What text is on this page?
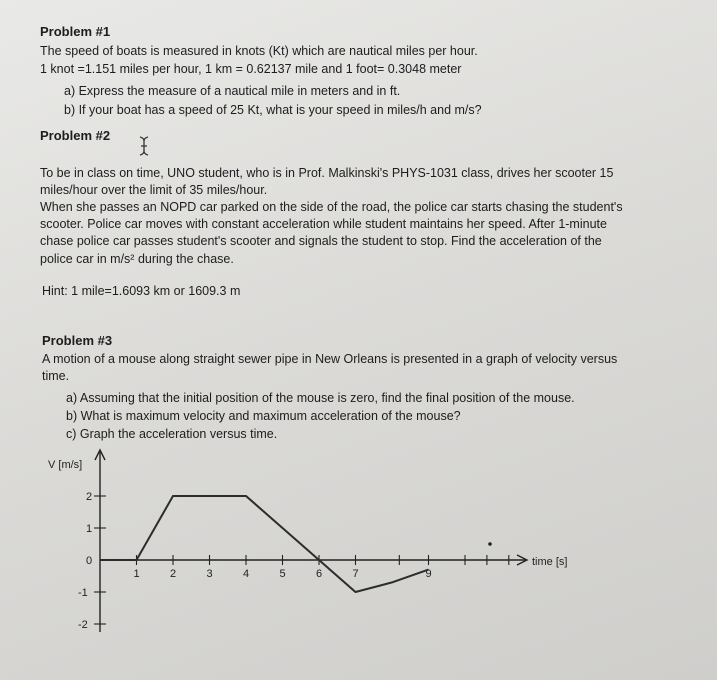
Problem #1
The speed of boats is measured in knots (Kt) which are nautical miles per hour.
1 knot =1.151 miles per hour, 1 km = 0.62137 mile and 1 foot= 0.3048 meter
a) Express the measure of a nautical mile in meters and in ft.
b) If your boat has a speed of 25 Kt, what is your speed in miles/h and m/s?
Problem #2
To be in class on time, UNO student, who is in Prof. Malkinski's PHYS-1031 class, drives her scooter 15
miles/hour over the limit of 35 miles/hour.
When she passes an NOPD car parked on the side of the road, the police car starts chasing the student's
scooter. Police car moves with constant acceleration while student maintains her speed. After 1-minute
chase police car passes student's scooter and signals the student to stop. Find the acceleration of the
police car in m/s² during the chase.
Hint: 1 mile=1.6093 km or 1609.3 m
Problem #3
A motion of a mouse along straight sewer pipe in New Orleans is presented in a graph of velocity versus
time.
a) Assuming that the initial position of the mouse is zero, find the final position of the mouse.
b) What is maximum velocity and maximum acceleration of the mouse?
c) Graph the acceleration versus time.
V [m/s]
time [s]
1	2	3	4	5	6	7	9
2
1
0
-1
-2
